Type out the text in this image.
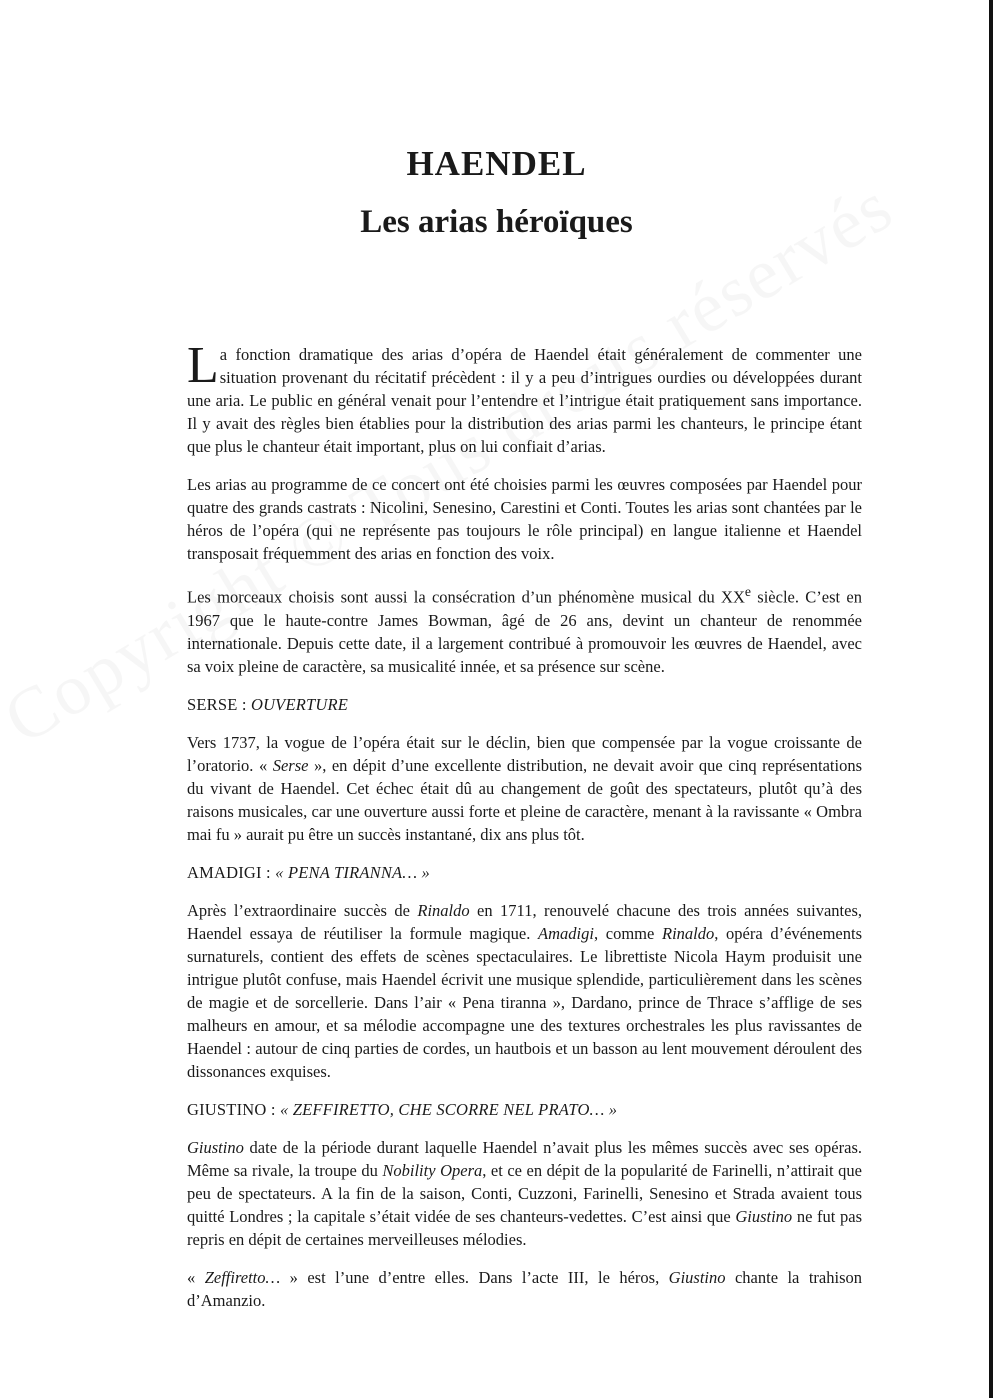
HAENDEL
Les arias héroïques

La fonction dramatique des arias d’opéra de Haendel était généralement de commenter une situation provenant du récitatif précèdent : il y a peu d’intrigues ourdies ou développées durant une aria. Le public en général venait pour l’entendre et l’intrigue était pratiquement sans importance. Il y avait des règles bien établies pour la distribution des arias parmi les chanteurs, le principe étant que plus le chanteur était important, plus on lui confiait d’arias.

Les arias au programme de ce concert ont été choisies parmi les œuvres composées par Haendel pour quatre des grands castrats : Nicolini, Senesino, Carestini et Conti. Toutes les arias sont chantées par le héros de l’opéra (qui ne représente pas toujours le rôle principal) en langue italienne et Haendel transposait fréquemment des arias en fonction des voix.

Les morceaux choisis sont aussi la consécration d’un phénomène musical du XXe siècle. C’est en 1967 que le haute-contre James Bowman, âgé de 26 ans, devint un chanteur de renommée internationale. Depuis cette date, il a largement contribué à promouvoir les œuvres de Haendel, avec sa voix pleine de caractère, sa musicalité innée, et sa présence sur scène.

SERSE : OUVERTURE

Vers 1737, la vogue de l’opéra était sur le déclin, bien que compensée par la vogue croissante de l’oratorio. « Serse », en dépit d’une excellente distribution, ne devait avoir que cinq représentations du vivant de Haendel. Cet échec était dû au changement de goût des spectateurs, plutôt qu’à des raisons musicales, car une ouverture aussi forte et pleine de caractère, menant à la ravissante « Ombra mai fu » aurait pu être un succès instantané, dix ans plus tôt.

AMADIGI : « PENA TIRANNA… »

Après l’extraordinaire succès de Rinaldo en 1711, renouvelé chacune des trois années suivantes, Haendel essaya de réutiliser la formule magique. Amadigi, comme Rinaldo, opéra d’événements surnaturels, contient des effets de scènes spectaculaires. Le librettiste Nicola Haym produisit une intrigue plutôt confuse, mais Haendel écrivit une musique splendide, particulièrement dans les scènes de magie et de sorcellerie. Dans l’air « Pena tiranna », Dardano, prince de Thrace s’afflige de ses malheurs en amour, et sa mélodie accompagne une des textures orchestrales les plus ravissantes de Haendel : autour de cinq parties de cordes, un hautbois et un basson au lent mouvement déroulent des dissonances exquises.

GIUSTINO : « ZEFFIRETTO, CHE SCORRE NEL PRATO… »

Giustino date de la période durant laquelle Haendel n’avait plus les mêmes succès avec ses opéras. Même sa rivale, la troupe du Nobility Opera, et ce en dépit de la popularité de Farinelli, n’attirait que peu de spectateurs. A la fin de la saison, Conti, Cuzzoni, Farinelli, Senesino et Strada avaient tous quitté Londres ; la capitale s’était vidée de ses chanteurs-vedettes. C’est ainsi que Giustino ne fut pas repris en dépit de certaines merveilleuses mélodies.

« Zeffiretto… » est l’une d’entre elles. Dans l’acte III, le héros, Giustino chante la trahison d’Amanzio.
